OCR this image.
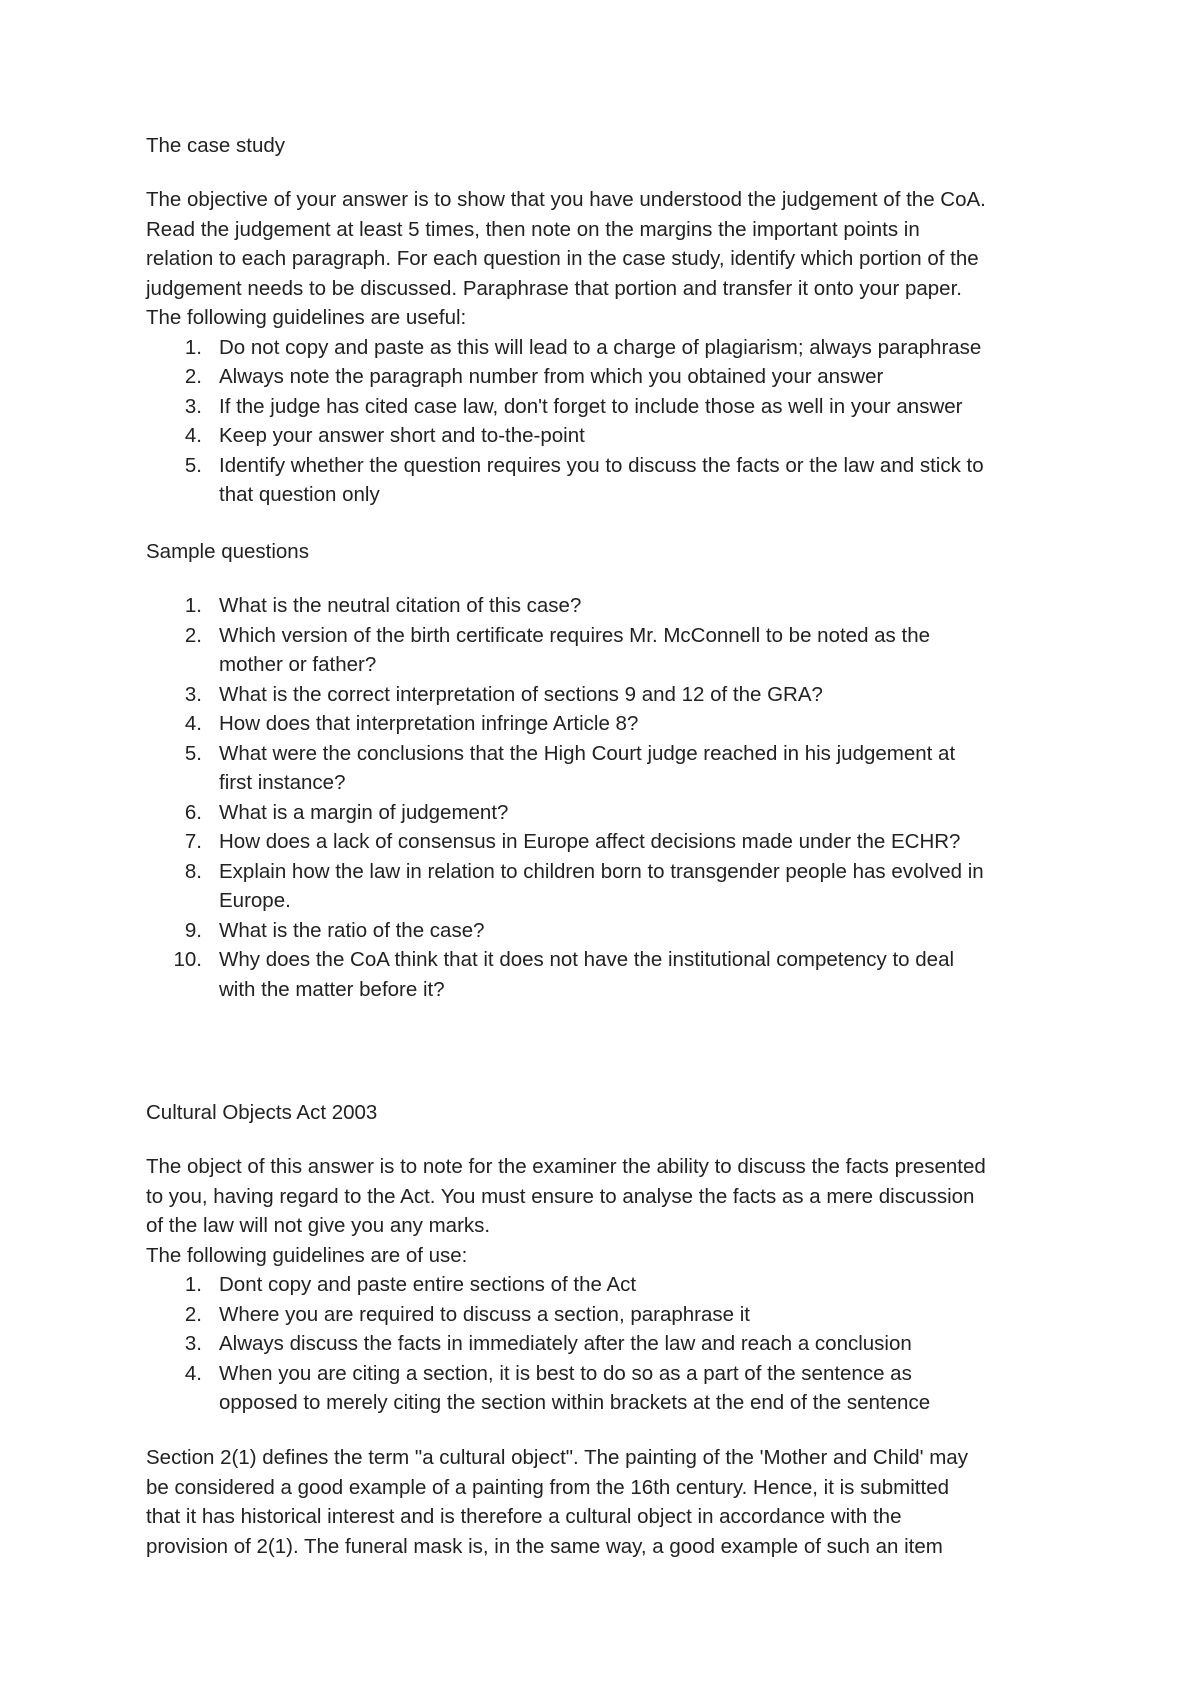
The case study

The objective of your answer is to show that you have understood the judgement of the CoA.

Read the judgement at least 5 times, then note on the margins the important points in

relation to each paragraph. For each question in the case study, identify which portion of the

judgement needs to be discussed. Paraphrase that portion and transfer it onto your paper.

The following guidelines are useful:

1. Do not copy and paste as this will lead to a charge of plagiarism; always paraphrase
2. Always note the paragraph number from which you obtained your answer
3. If the judge has cited case law, don't forget to include those as well in your answer
4. Keep your answer short and to-the-point
5. Identify whether the question requires you to discuss the facts or the law and stick to
that question only

Sample questions

1. What is the neutral citation of this case?
2. Which version of the birth certificate requires Mr. McConnell to be noted as the
mother or father?
3. What is the correct interpretation of sections 9 and 12 of the GRA?
4. How does that interpretation infringe Article 8?
5. What were the conclusions that the High Court judge reached in his judgement at
first instance?
6. What is a margin of judgement?
7. How does a lack of consensus in Europe affect decisions made under the ECHR?
8. Explain how the law in relation to children born to transgender people has evolved in
Europe.
9. What is the ratio of the case?
10. Why does the CoA think that it does not have the institutional competency to deal
with the matter before it?

Cultural Objects Act 2003

The object of this answer is to note for the examiner the ability to discuss the facts presented

to you, having regard to the Act. You must ensure to analyse the facts as a mere discussion

of the law will not give you any marks.

The following guidelines are of use:

1. Dont copy and paste entire sections of the Act
2. Where you are required to discuss a section, paraphrase it
3. Always discuss the facts in immediately after the law and reach a conclusion
4. When you are citing a section, it is best to do so as a part of the sentence as
opposed to merely citing the section within brackets at the end of the sentence

Section 2(1) defines the term "a cultural object". The painting of the 'Mother and Child' may

be considered a good example of a painting from the 16th century. Hence, it is submitted

that it has historical interest and is therefore a cultural object in accordance with the

provision of 2(1). The funeral mask is, in the same way, a good example of such an item
